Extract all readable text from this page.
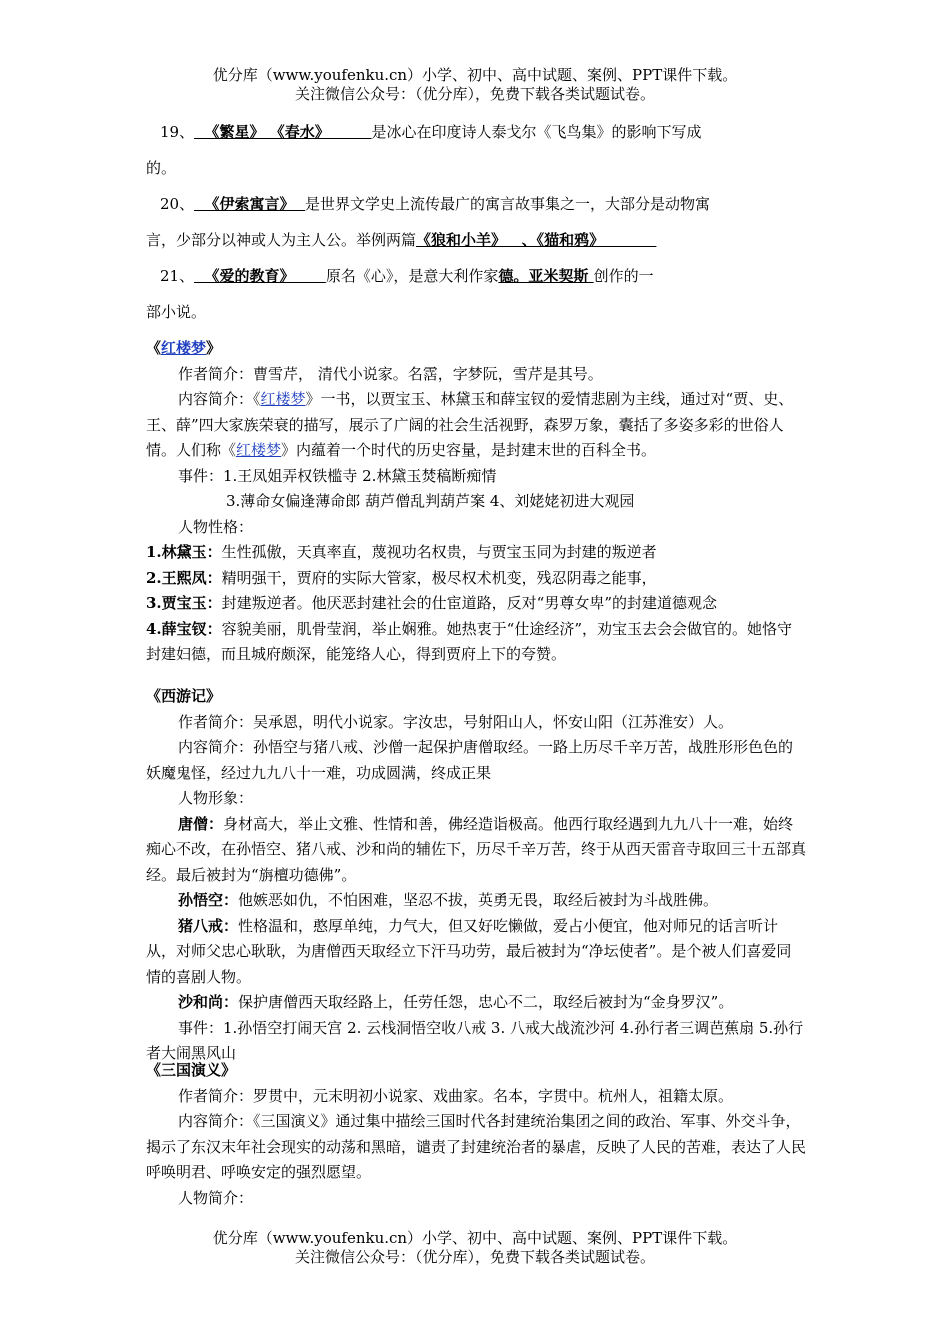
优分库（www.youfenku.cn）小学、初中、高中试题、案例、PPT课件下载。
关注微信公众号：（优分库），免费下载各类试题试卷。

19、  《繁星》 《春水》        是冰心在印度诗人泰戈尔《飞鸟集》的影响下写成

的。

20、  《伊索寓言》  是世界文学史上流传最广的寓言故事集之一，大部分是动物寓

言，少部分以神或人为主人公。举例两篇《狼和小羊》   、《猫和鸦》

21、  《爱的教育》      原名《心》，是意大利作家德。亚米契斯 创作的一

部小说。

《红楼梦》

作者简介：曹雪芹， 清代小说家。名霑，字梦阮，雪芹是其号。

内容简介：《红楼梦》一书，以贾宝玉、林黛玉和薛宝钗的爱情悲剧为主线，通过对“贾、史、王、薛”四大家族荣衰的描写，展示了广阔的社会生活视野，森罗万象，囊括了多姿多彩的世俗人情。人们称《红楼梦》内蕴着一个时代的历史容量，是封建末世的百科全书。

事件：1.王凤姐弄权铁槛寺 2.林黛玉焚稿断痴情

3.薄命女偏逢薄命郎 葫芦僧乱判葫芦案 4、刘姥姥初进大观园

人物性格：

1.林黛玉：生性孤傲，天真率直，蔑视功名权贵，与贾宝玉同为封建的叛逆者

2.王熙凤：精明强干，贾府的实际大管家，极尽权术机变，残忍阴毒之能事，

3.贾宝玉：封建叛逆者。他厌恶封建社会的仕宦道路，反对“男尊女卑”的封建道德观念

4.薛宝钗：容貌美丽，肌骨莹润，举止娴雅。她热衷于“仕途经济”，劝宝玉去会会做官的。她恪守封建妇德，而且城府颇深，能笼络人心，得到贾府上下的夸赞。

《西游记》

作者简介：吴承恩，明代小说家。字汝忠，号射阳山人，怀安山阳（江苏淮安）人。

内容简介：孙悟空与猪八戒、沙僧一起保护唐僧取经。一路上历尽千辛万苦，战胜形形色色的妖魔鬼怪，经过九九八十一难，功成圆满，终成正果

人物形象：

唐僧：身材高大，举止文雅、性情和善，佛经造诣极高。他西行取经遇到九九八十一难，始终痴心不改，在孙悟空、猪八戒、沙和尚的辅佐下，历尽千辛万苦，终于从西天雷音寺取回三十五部真经。最后被封为“旃檀功德佛”。

孙悟空：他嫉恶如仇，不怕困难，坚忍不拔，英勇无畏，取经后被封为斗战胜佛。

猪八戒：性格温和，憨厚单纯，力气大，但又好吃懒做，爱占小便宜，他对师兄的话言听计从，对师父忠心耿耿，为唐僧西天取经立下汗马功劳，最后被封为“净坛使者”。是个被人们喜爱同情的喜剧人物。

沙和尚：保护唐僧西天取经路上，任劳任怨，忠心不二，取经后被封为“金身罗汉”。

事件：1.孙悟空打闹天宫 2. 云栈洞悟空收八戒 3. 八戒大战流沙河 4.孙行者三调芭蕉扇 5.孙行者大闹黑风山

《三国演义》

作者简介：罗贯中，元末明初小说家、戏曲家。名本，字贯中。杭州人，祖籍太原。

内容简介：《三国演义》通过集中描绘三国时代各封建统治集团之间的政治、军事、外交斗争，揭示了东汉末年社会现实的动荡和黑暗，谴责了封建统治者的暴虐，反映了人民的苦难，表达了人民呼唤明君、呼唤安定的强烈愿望。

人物简介：

优分库（www.youfenku.cn）小学、初中、高中试题、案例、PPT课件下载。
关注微信公众号：（优分库），免费下载各类试题试卷。
